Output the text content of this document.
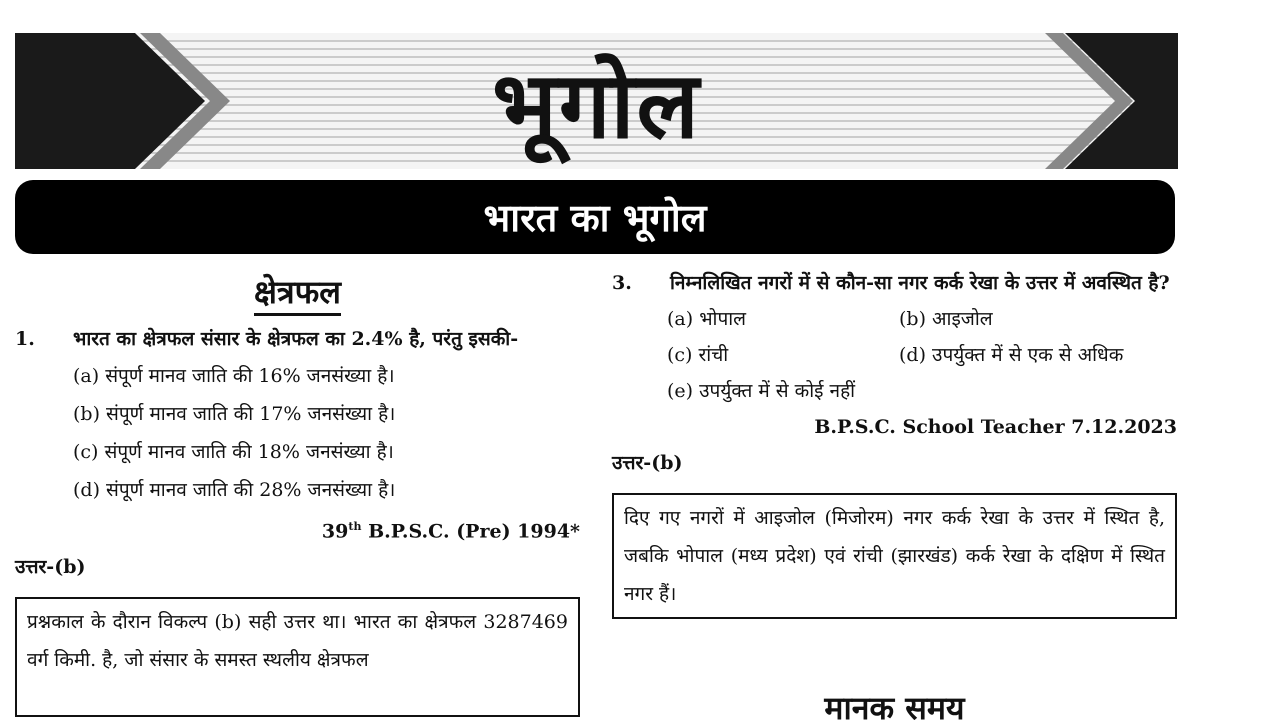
भूगोल
भारत का भूगोल
क्षेत्रफल
1.	भारत का क्षेत्रफल संसार के क्षेत्रफल का 2.4% है, परंतु इसकी-
(a) संपूर्ण मानव जाति की 16% जनसंख्या है।
(b) संपूर्ण मानव जाति की 17% जनसंख्या है।
(c) संपूर्ण मानव जाति की 18% जनसंख्या है।
(d) संपूर्ण मानव जाति की 28% जनसंख्या है।
39th B.P.S.C. (Pre) 1994*
उत्तर-(b)
प्रश्नकाल के दौरान विकल्प (b) सही उत्तर था। भारत का क्षेत्रफल 3287469 वर्ग किमी. है, जो संसार के समस्त स्थलीय क्षेत्रफल
3.	निम्नलिखित नगरों में से कौन-सा नगर कर्क रेखा के उत्तर में अवस्थित है?
(a) भोपाल	(b) आइजोल
(c) रांची	(d) उपर्युक्त में से एक से अधिक
(e) उपर्युक्त में से कोई नहीं
B.P.S.C. School Teacher 7.12.2023
उत्तर-(b)
दिए गए नगरों में आइजोल (मिजोरम) नगर कर्क रेखा के उत्तर में स्थित है, जबकि भोपाल (मध्य प्रदेश) एवं रांची (झारखंड) कर्क रेखा के दक्षिण में स्थित नगर हैं।
मानक समय
